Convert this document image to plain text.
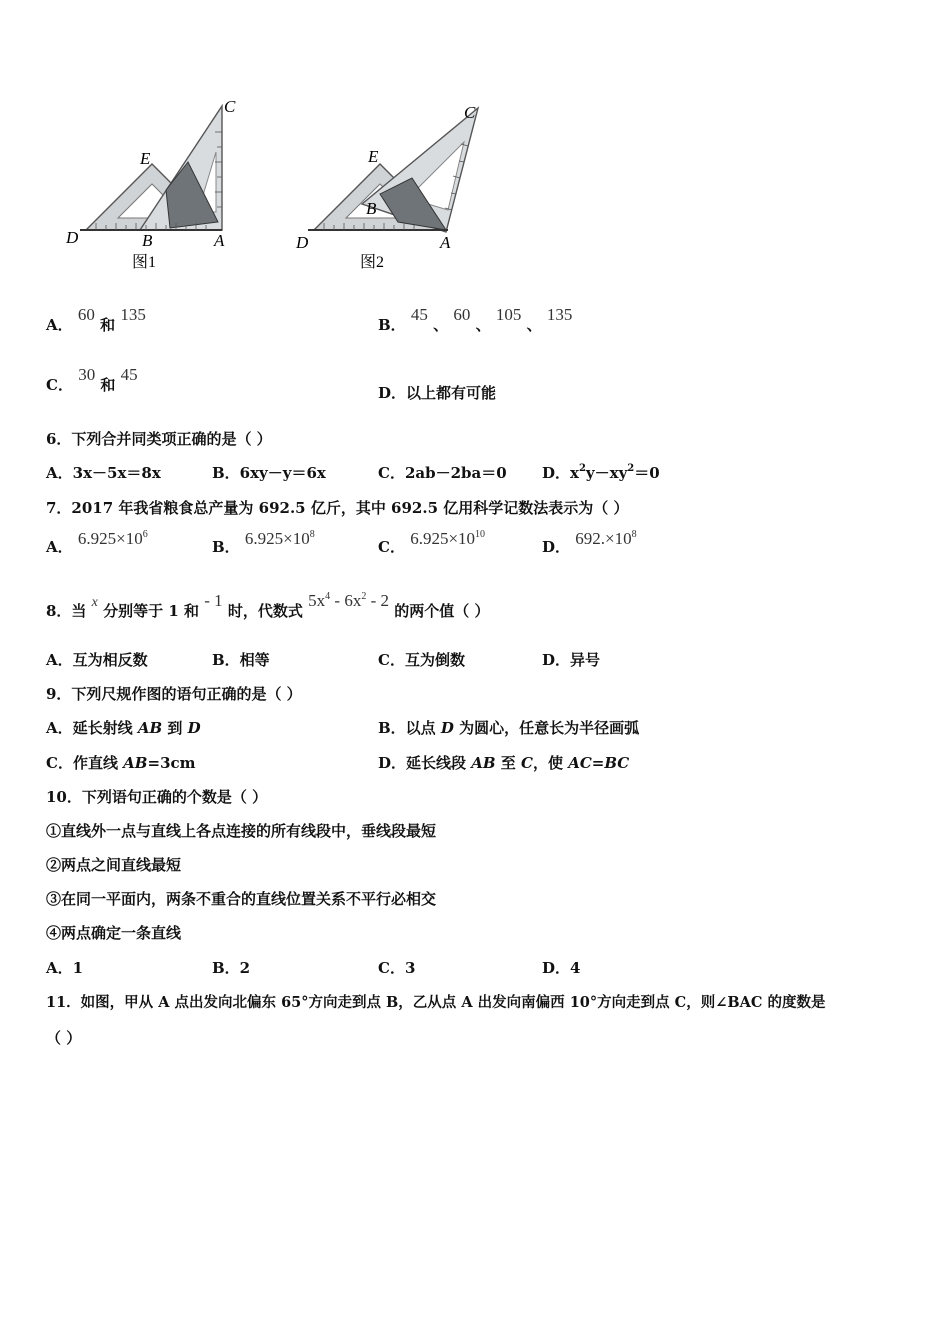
C
E
D	B	A
图1
C
E
B
D	A
图2
A． 60 和 135
B． 45 、 60 、 105 、 135
C． 30 和 45
D．以上都有可能
6．下列合并同类项正确的是（ ）
A．3x－5x＝8x	B．6xy－y＝6x	C．2ab－2ba＝0 D．$x^2y-xy^2=0$
7．2017 年我省粮食总产量为 692.5 亿斤，其中 692.5 亿用科学记数法表示为（ ）
A． $6.925\times 10^6$
B． $6.925\times 10^8$
C． $6.925\times 10^{10}$
D． $692.\times 10^8$
8．当 x 分别等于 1 和 - 1 时，代数式 $5x^4 - 6x^2 - 2$ 的两个值（ ）
A．互为相反数	B．相等	C．互为倒数	D．异号
9．下列尺规作图的语句正确的是（ ）
A．延长射线 AB 到 D	B．以点 D 为圆心，任意长为半径画弧
C．作直线 AB=3cm	D．延长线段 AB 至 C，使 AC=BC
10．下列语句正确的个数是（ ）
①直线外一点与直线上各点连接的所有线段中，垂线段最短
②两点之间直线最短
③在同一平面内，两条不重合的直线位置关系不平行必相交
④两点确定一条直线
A．1	B．2	C．3	D．4
11．如图，甲从 A 点出发向北偏东 65°方向走到点 B，乙从点 A 出发向南偏西 10°方向走到点 C，则∠BAC 的度数是
（ ）
